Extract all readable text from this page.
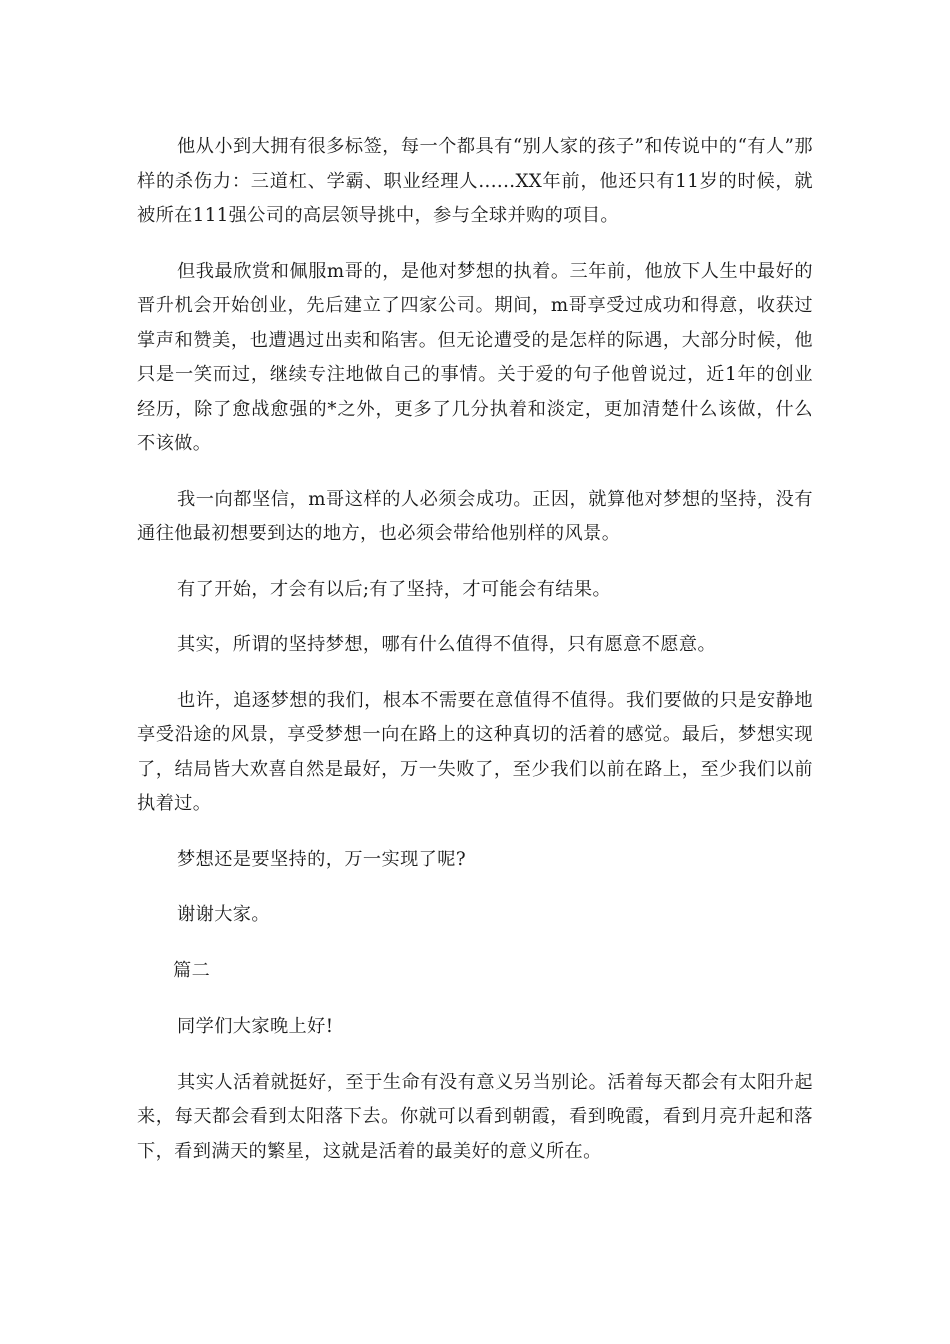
他从小到大拥有很多标签，每一个都具有“别人家的孩子”和传说中的“有人”那样的杀伤力：三道杠、学霸、职业经理人......XX年前，他还只有11岁的时候，就被所在111强公司的高层领导挑中，参与全球并购的项目。

但我最欣赏和佩服m哥的，是他对梦想的执着。三年前，他放下人生中最好的晋升机会开始创业，先后建立了四家公司。期间，m哥享受过成功和得意，收获过掌声和赞美，也遭遇过出卖和陷害。但无论遭受的是怎样的际遇，大部分时候，他只是一笑而过，继续专注地做自己的事情。关于爱的句子他曾说过，近1年的创业经历，除了愈战愈强的*之外，更多了几分执着和淡定，更加清楚什么该做，什么不该做。

我一向都坚信，m哥这样的人必须会成功。正因，就算他对梦想的坚持，没有通往他最初想要到达的地方，也必须会带给他别样的风景。

有了开始，才会有以后;有了坚持，才可能会有结果。

其实，所谓的坚持梦想，哪有什么值得不值得，只有愿意不愿意。

也许，追逐梦想的我们，根本不需要在意值得不值得。我们要做的只是安静地享受沿途的风景，享受梦想一向在路上的这种真切的活着的感觉。最后，梦想实现了，结局皆大欢喜自然是最好，万一失败了，至少我们以前在路上，至少我们以前执着过。

梦想还是要坚持的，万一实现了呢?

谢谢大家。

篇二

同学们大家晚上好!

其实人活着就挺好，至于生命有没有意义另当别论。活着每天都会有太阳升起来，每天都会看到太阳落下去。你就可以看到朝霞，看到晚霞，看到月亮升起和落下，看到满天的繁星，这就是活着的最美好的意义所在。
